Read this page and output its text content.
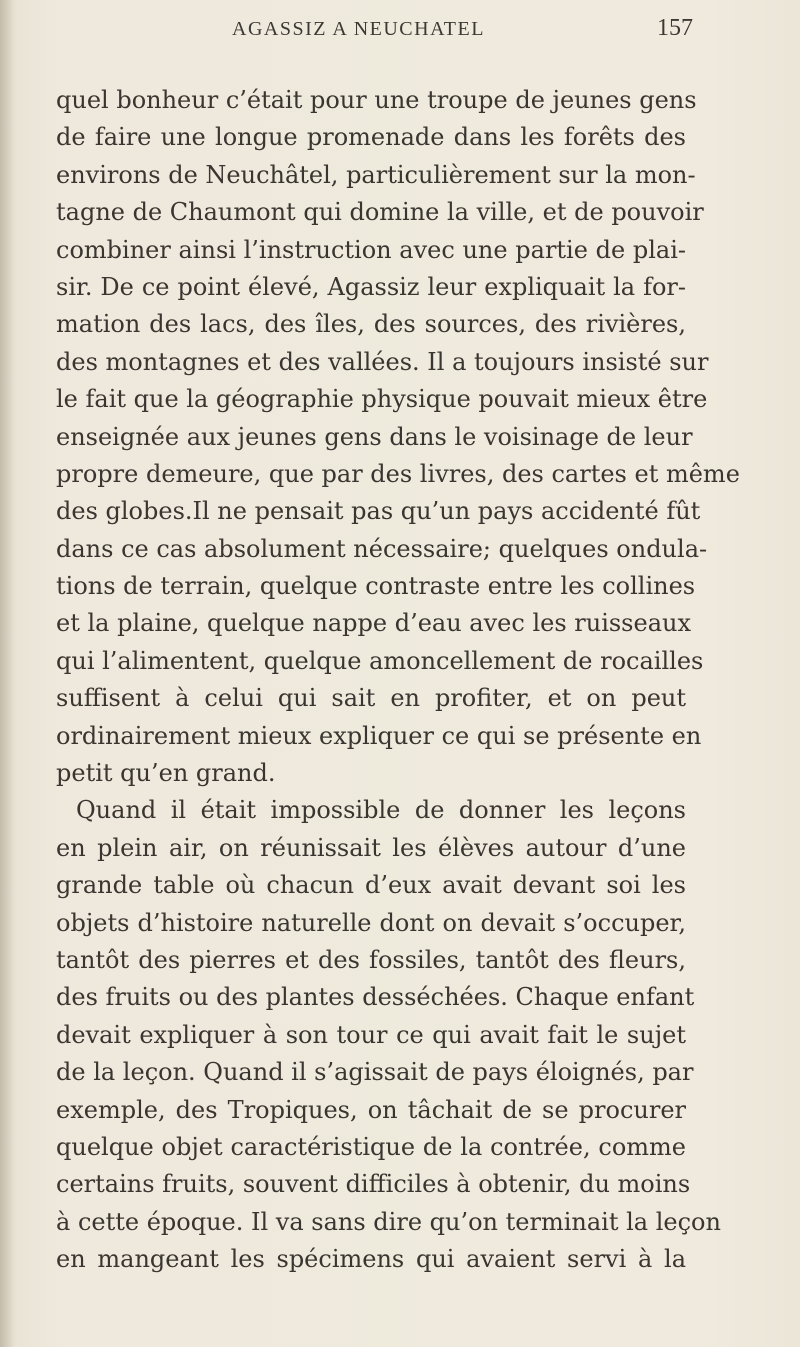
AGASSIZ A NEUCHATEL	157
quel bonheur c’était pour une troupe de jeunes gens
de faire une longue promenade dans les forêts des
environs de Neuchâtel, particulièrement sur la mon-
tagne de Chaumont qui domine la ville, et de pouvoir
combiner ainsi l’instruction avec une partie de plai-
sir. De ce point élevé, Agassiz leur expliquait la for-
mation des lacs, des îles, des sources, des rivières,
des montagnes et des vallées. Il a toujours insisté sur
le fait que la géographie physique pouvait mieux être
enseignée aux jeunes gens dans le voisinage de leur
propre demeure, que par des livres, des cartes et même
des globes.Il ne pensait pas qu’un pays accidenté fût
dans ce cas absolument nécessaire; quelques ondula-
tions de terrain, quelque contraste entre les collines
et la plaine, quelque nappe d’eau avec les ruisseaux
qui l’alimentent, quelque amoncellement de rocailles
suffisent à celui qui sait en profiter, et on peut
ordinairement mieux expliquer ce qui se présente en
petit qu’en grand.
Quand il était impossible de donner les leçons
en plein air, on réunissait les élèves autour d’une
grande table où chacun d’eux avait devant soi les
objets d’histoire naturelle dont on devait s’occuper,
tantôt des pierres et des fossiles, tantôt des fleurs,
des fruits ou des plantes desséchées. Chaque enfant
devait expliquer à son tour ce qui avait fait le sujet
de la leçon. Quand il s’agissait de pays éloignés, par
exemple, des Tropiques, on tâchait de se procurer
quelque objet caractéristique de la contrée, comme
certains fruits, souvent difficiles à obtenir, du moins
à cette époque. Il va sans dire qu’on terminait la leçon
en mangeant les spécimens qui avaient servi à la
